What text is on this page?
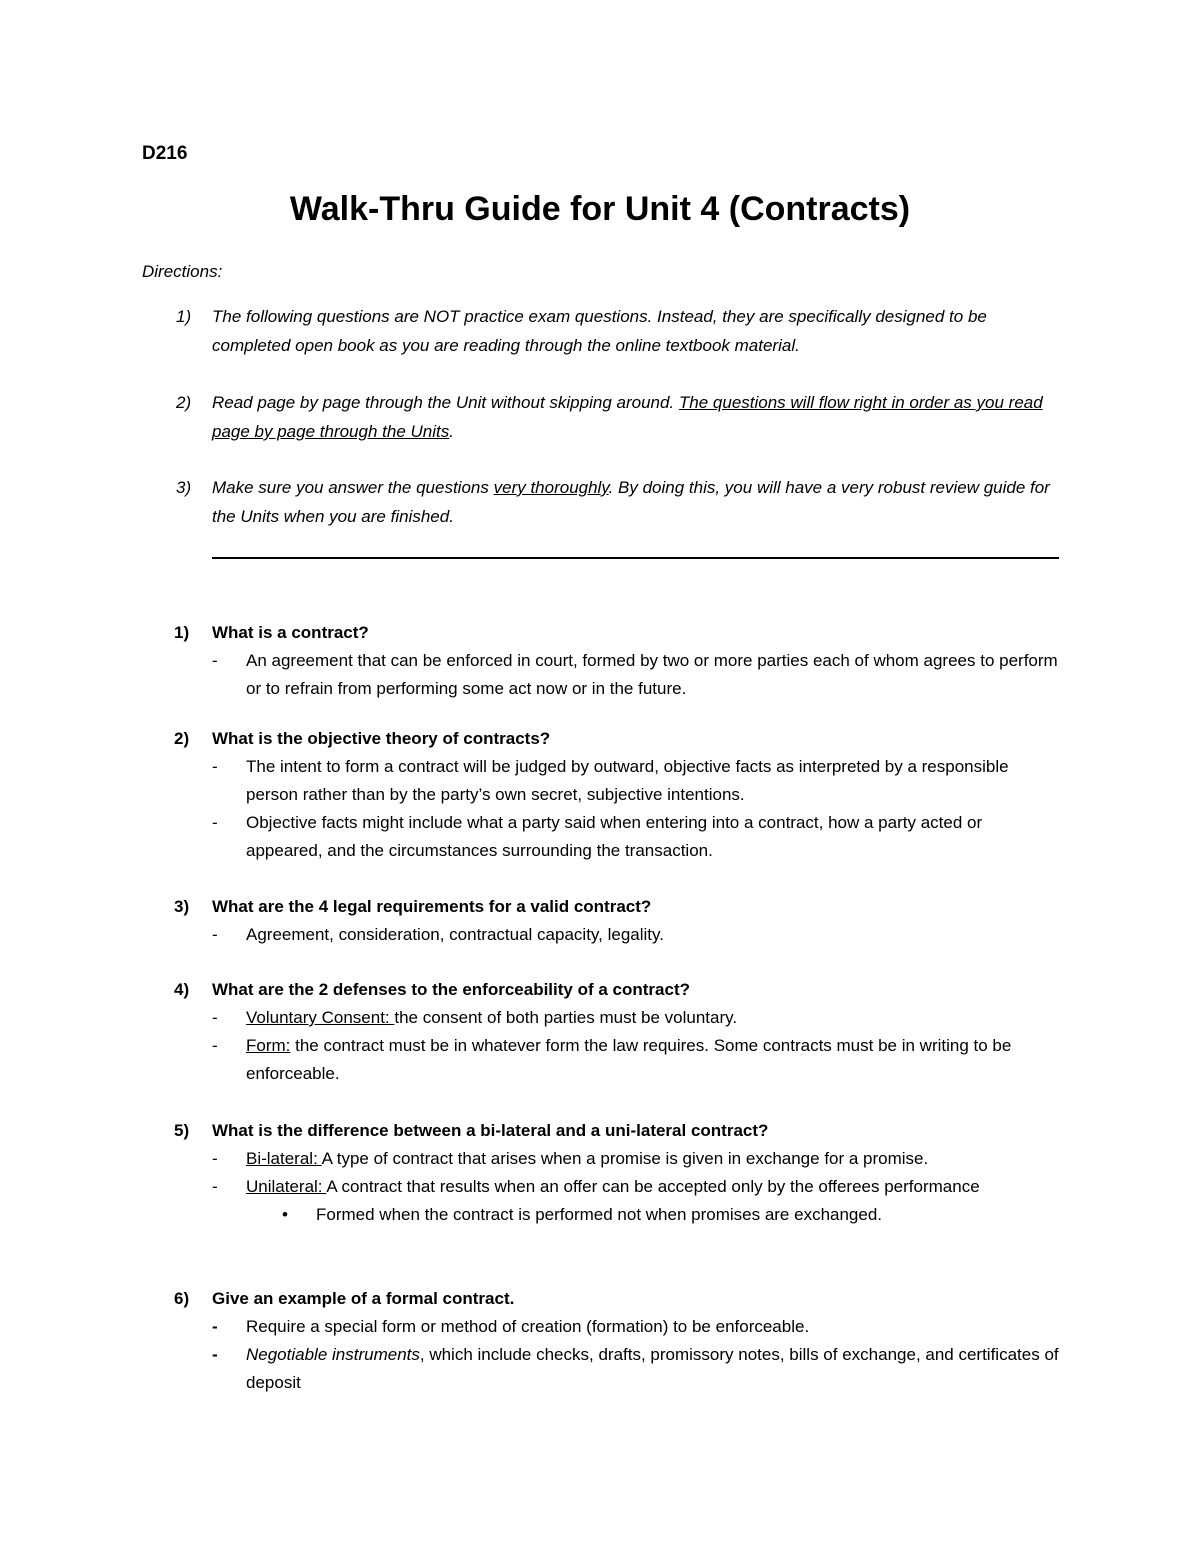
D216
Walk-Thru Guide for Unit 4 (Contracts)
Directions:
1) The following questions are NOT practice exam questions. Instead, they are specifically designed to be completed open book as you are reading through the online textbook material.
2) Read page by page through the Unit without skipping around. The questions will flow right in order as you read page by page through the Units.
3) Make sure you answer the questions very thoroughly. By doing this, you will have a very robust review guide for the Units when you are finished.
1) What is a contract?
- An agreement that can be enforced in court, formed by two or more parties each of whom agrees to perform or to refrain from performing some act now or in the future.
2) What is the objective theory of contracts?
- The intent to form a contract will be judged by outward, objective facts as interpreted by a responsible person rather than by the party’s own secret, subjective intentions.
- Objective facts might include what a party said when entering into a contract, how a party acted or appeared, and the circumstances surrounding the transaction.
3) What are the 4 legal requirements for a valid contract?
- Agreement, consideration, contractual capacity, legality.
4) What are the 2 defenses to the enforceability of a contract?
- Voluntary Consent: the consent of both parties must be voluntary.
- Form: the contract must be in whatever form the law requires. Some contracts must be in writing to be enforceable.
5) What is the difference between a bi-lateral and a uni-lateral contract?
- Bi-lateral: A type of contract that arises when a promise is given in exchange for a promise.
- Unilateral: A contract that results when an offer can be accepted only by the offerees performance
• Formed when the contract is performed not when promises are exchanged.
6) Give an example of a formal contract.
- Require a special form or method of creation (formation) to be enforceable.
- Negotiable instruments, which include checks, drafts, promissory notes, bills of exchange, and certificates of deposit
